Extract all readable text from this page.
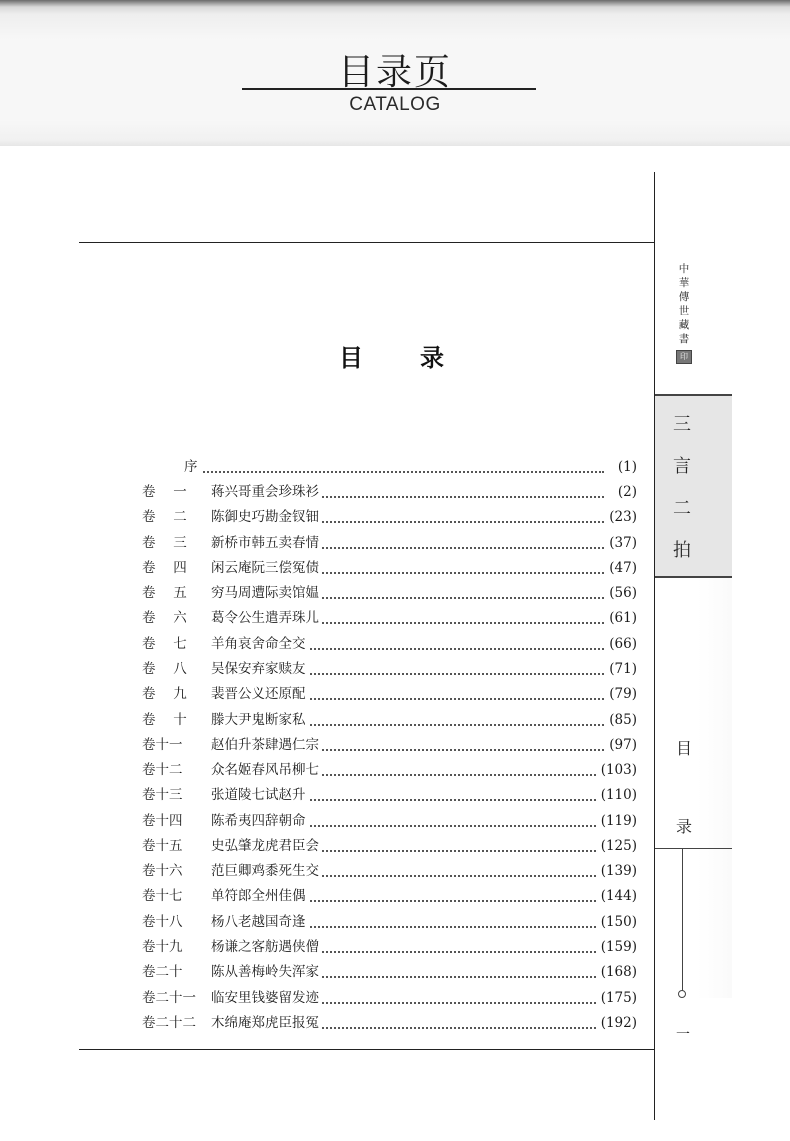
目录页
CATALOG
目 录
序	(1)
卷　 一	蒋兴哥重会珍珠衫	(2)
卷　 二	陈御史巧勘金钗钿	(23)
卷　 三	新桥市韩五卖春情	(37)
卷　 四	闲云庵阮三偿冤债	(47)
卷　 五	穷马周遭际卖馆媪	(56)
卷　 六	葛令公生遣弄珠儿	(61)
卷　 七	羊角哀舍命全交	(66)
卷　 八	吴保安弃家赎友	(71)
卷　 九	裴晋公义还原配	(79)
卷　 十	滕大尹鬼断家私	(85)
卷十一	赵伯升茶肆遇仁宗	(97)
卷十二	众名姬春风吊柳七	(103)
卷十三	张道陵七试赵升	(110)
卷十四	陈希夷四辞朝命	(119)
卷十五	史弘肇龙虎君臣会	(125)
卷十六	范巨卿鸡黍死生交	(139)
卷十七	单符郎全州佳偶	(144)
卷十八	杨八老越国奇逢	(150)
卷十九	杨谦之客舫遇侠僧	(159)
卷二十	陈从善梅岭失浑家	(168)
卷二十一 临安里钱婆留发迹	(175)
卷二十二 木绵庵郑虎臣报冤	(192)
中
華
傳
世
藏
書
印
三
言
二
拍
目
录
一
